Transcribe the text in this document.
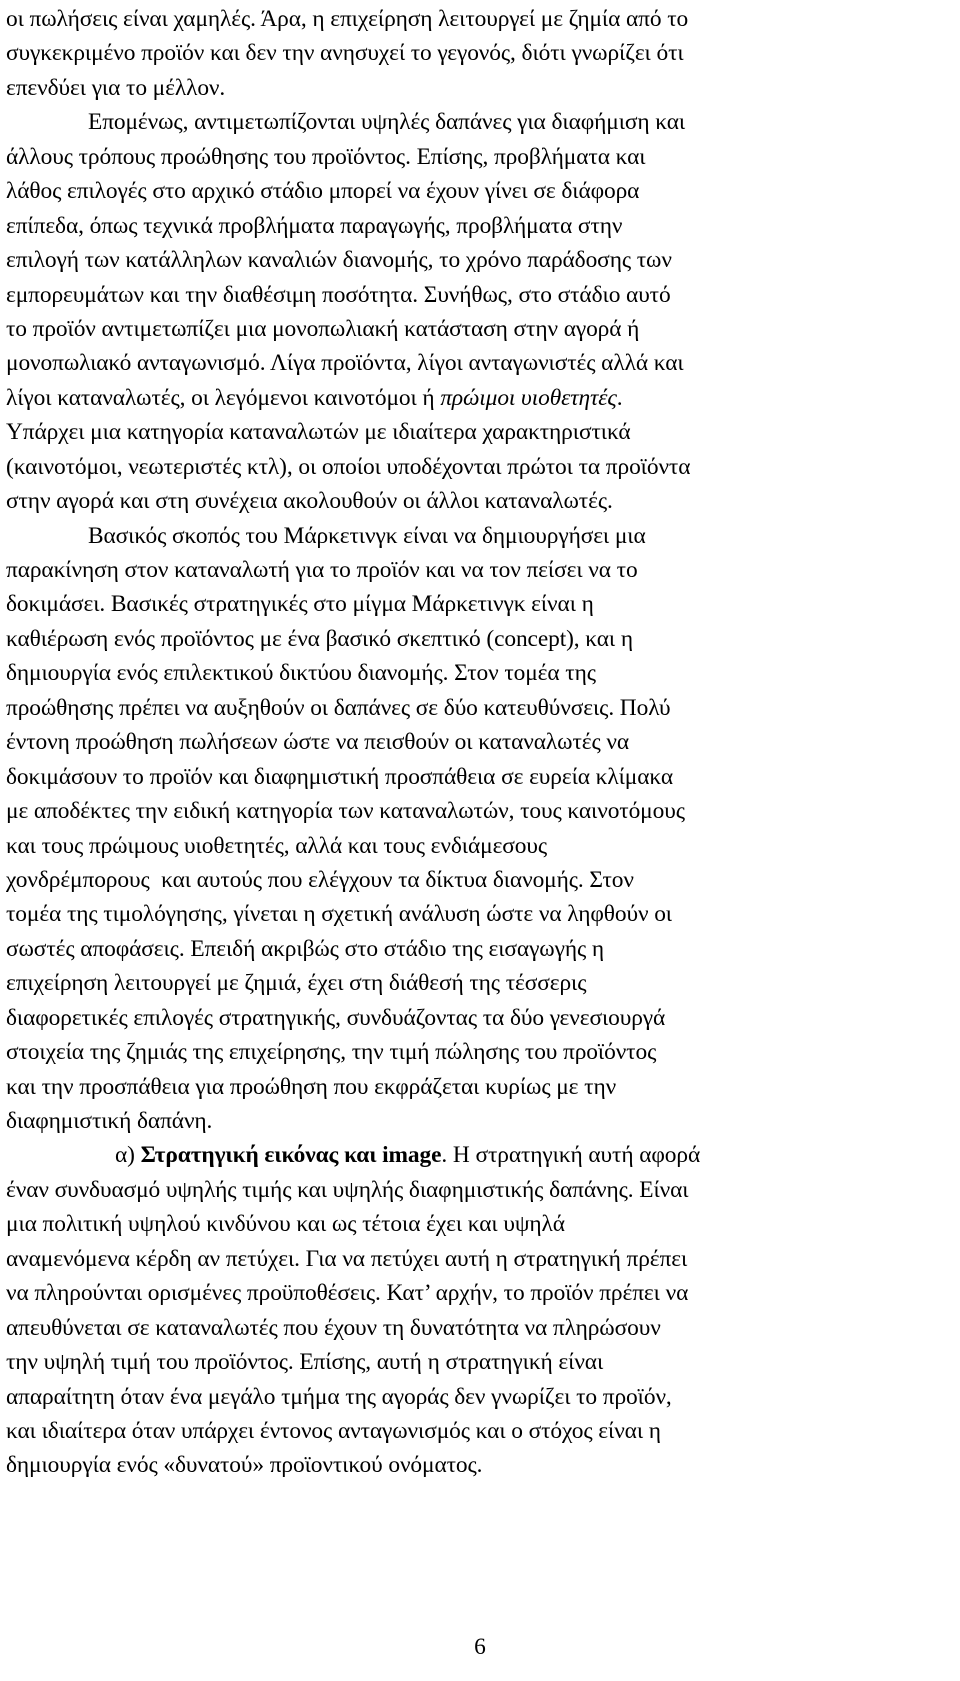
οι πωλήσεις είναι χαμηλές. Άρα, η επιχείρηση λειτουργεί με ζημία από το
συγκεκριμένο προϊόν και δεν την ανησυχεί το γεγονός, διότι γνωρίζει ότι
επενδύει για το μέλλον.
Επομένως, αντιμετωπίζονται υψηλές δαπάνες για διαφήμιση και
άλλους τρόπους προώθησης του προϊόντος. Επίσης, προβλήματα και
λάθος επιλογές στο αρχικό στάδιο μπορεί να έχουν γίνει σε διάφορα
επίπεδα, όπως τεχνικά προβλήματα παραγωγής, προβλήματα στην
επιλογή των κατάλληλων καναλιών διανομής, το χρόνο παράδοσης των
εμπορευμάτων και την διαθέσιμη ποσότητα. Συνήθως, στο στάδιο αυτό
το προϊόν αντιμετωπίζει μια μονοπωλιακή κατάσταση στην αγορά ή
μονοπωλιακό ανταγωνισμό. Λίγα προϊόντα, λίγοι ανταγωνιστές αλλά και
λίγοι καταναλωτές, οι λεγόμενοι καινοτόμοι ή πρώιμοι υιοθετητές.
Υπάρχει μια κατηγορία καταναλωτών με ιδιαίτερα χαρακτηριστικά
(καινοτόμοι, νεωτεριστές κτλ), οι οποίοι υποδέχονται πρώτοι τα προϊόντα
στην αγορά και στη συνέχεια ακολουθούν οι άλλοι καταναλωτές.
Βασικός σκοπός του Μάρκετινγκ είναι να δημιουργήσει μια
παρακίνηση στον καταναλωτή για το προϊόν και να τον πείσει να το
δοκιμάσει. Βασικές στρατηγικές στο μίγμα Μάρκετινγκ είναι η
καθιέρωση ενός προϊόντος με ένα βασικό σκεπτικό (concept), και η
δημιουργία ενός επιλεκτικού δικτύου διανομής. Στον τομέα της
προώθησης πρέπει να αυξηθούν οι δαπάνες σε δύο κατευθύνσεις. Πολύ
έντονη προώθηση πωλήσεων ώστε να πεισθούν οι καταναλωτές να
δοκιμάσουν το προϊόν και διαφημιστική προσπάθεια σε ευρεία κλίμακα
με αποδέκτες την ειδική κατηγορία των καταναλωτών, τους καινοτόμους
και τους πρώιμους υιοθετητές, αλλά και τους ενδιάμεσους
χονδρέμπορους  και αυτούς που ελέγχουν τα δίκτυα διανομής. Στον
τομέα της τιμολόγησης, γίνεται η σχετική ανάλυση ώστε να ληφθούν οι
σωστές αποφάσεις. Επειδή ακριβώς στο στάδιο της εισαγωγής η
επιχείρηση λειτουργεί με ζημιά, έχει στη διάθεσή της τέσσερις
διαφορετικές επιλογές στρατηγικής, συνδυάζοντας τα δύο γενεσιουργά
στοιχεία της ζημιάς της επιχείρησης, την τιμή πώλησης του προϊόντος
και την προσπάθεια για προώθηση που εκφράζεται κυρίως με την
διαφημιστική δαπάνη.
α) Στρατηγική εικόνας και image. Η στρατηγική αυτή αφορά
έναν συνδυασμό υψηλής τιμής και υψηλής διαφημιστικής δαπάνης. Είναι
μια πολιτική υψηλού κινδύνου και ως τέτοια έχει και υψηλά
αναμενόμενα κέρδη αν πετύχει. Για να πετύχει αυτή η στρατηγική πρέπει
να πληρούνται ορισμένες προϋποθέσεις. Κατ’ αρχήν, το προϊόν πρέπει να
απευθύνεται σε καταναλωτές που έχουν τη δυνατότητα να πληρώσουν
την υψηλή τιμή του προϊόντος. Επίσης, αυτή η στρατηγική είναι
απαραίτητη όταν ένα μεγάλο τμήμα της αγοράς δεν γνωρίζει το προϊόν,
και ιδιαίτερα όταν υπάρχει έντονος ανταγωνισμός και ο στόχος είναι η
δημιουργία ενός «δυνατού» προϊοντικού ονόματος.
6
